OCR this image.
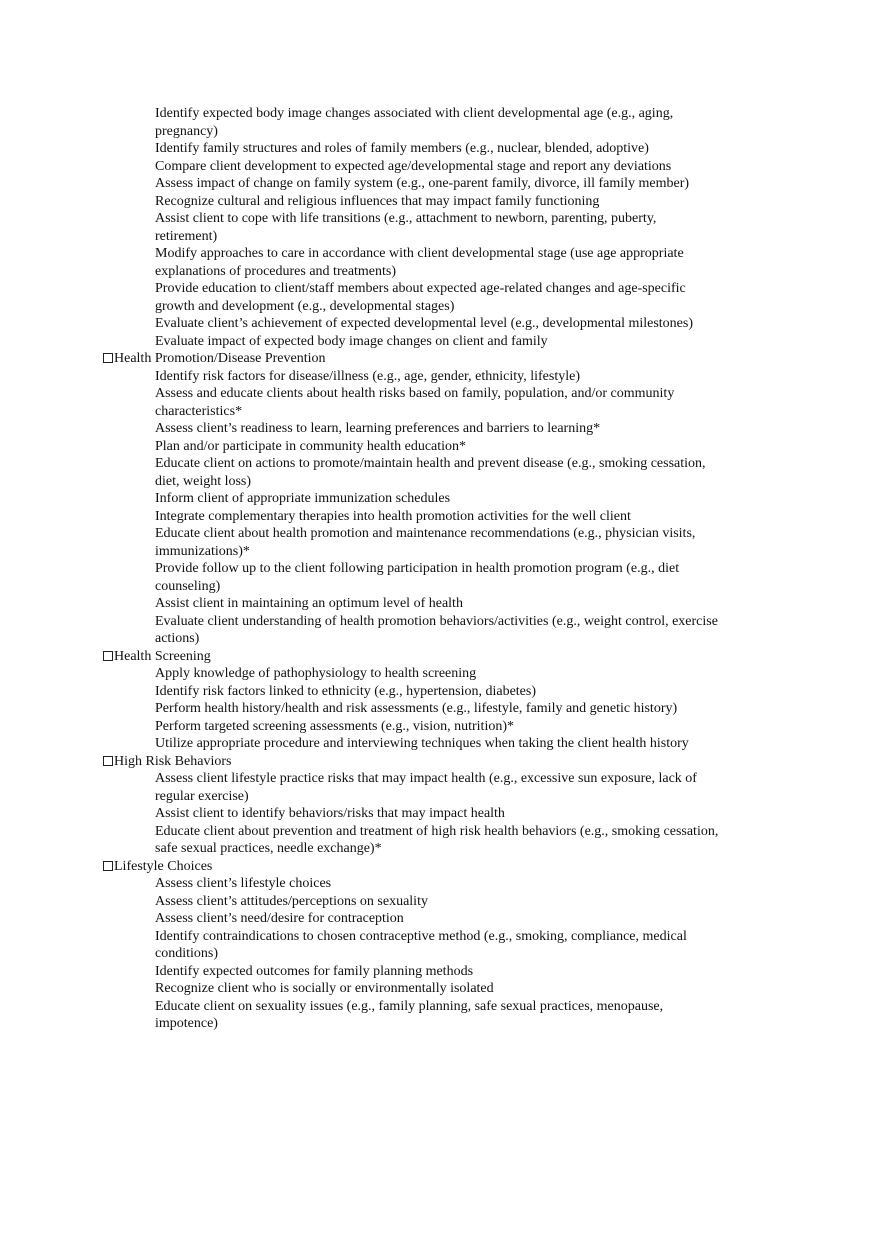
Identify expected body image changes associated with client developmental age (e.g., aging, pregnancy)
Identify family structures and roles of family members (e.g., nuclear, blended, adoptive)
Compare client development to expected age/developmental stage and report any deviations
Assess impact of change on family system (e.g., one-parent family, divorce, ill family member)
Recognize cultural and religious influences that may impact family functioning
Assist client to cope with life transitions (e.g., attachment to newborn, parenting, puberty, retirement)
Modify approaches to care in accordance with client developmental stage (use age appropriate explanations of procedures and treatments)
Provide education to client/staff members about expected age-related changes and age-specific growth and development (e.g., developmental stages)
Evaluate client’s achievement of expected developmental level (e.g., developmental milestones)
Evaluate impact of expected body image changes on client and family
Health Promotion/Disease Prevention
Identify risk factors for disease/illness (e.g., age, gender, ethnicity, lifestyle)
Assess and educate clients about health risks based on family, population, and/or community characteristics*
Assess client’s readiness to learn, learning preferences and barriers to learning*
Plan and/or participate in community health education*
Educate client on actions to promote/maintain health and prevent disease (e.g., smoking cessation, diet, weight loss)
Inform client of appropriate immunization schedules
Integrate complementary therapies into health promotion activities for the well client
Educate client about health promotion and maintenance recommendations (e.g., physician visits, immunizations)*
Provide follow up to the client following participation in health promotion program (e.g., diet counseling)
Assist client in maintaining an optimum level of health
Evaluate client understanding of health promotion behaviors/activities (e.g., weight control, exercise actions)
Health Screening
Apply knowledge of pathophysiology to health screening
Identify risk factors linked to ethnicity (e.g., hypertension, diabetes)
Perform health history/health and risk assessments (e.g., lifestyle, family and genetic history)
Perform targeted screening assessments (e.g., vision, nutrition)*
Utilize appropriate procedure and interviewing techniques when taking the client health history
High Risk Behaviors
Assess client lifestyle practice risks that may impact health (e.g., excessive sun exposure, lack of regular exercise)
Assist client to identify behaviors/risks that may impact health
Educate client about prevention and treatment of high risk health behaviors (e.g., smoking cessation, safe sexual practices, needle exchange)*
Lifestyle Choices
Assess client’s lifestyle choices
Assess client’s attitudes/perceptions on sexuality
Assess client’s need/desire for contraception
Identify contraindications to chosen contraceptive method (e.g., smoking, compliance, medical conditions)
Identify expected outcomes for family planning methods
Recognize client who is socially or environmentally isolated
Educate client on sexuality issues (e.g., family planning, safe sexual practices, menopause, impotence)
